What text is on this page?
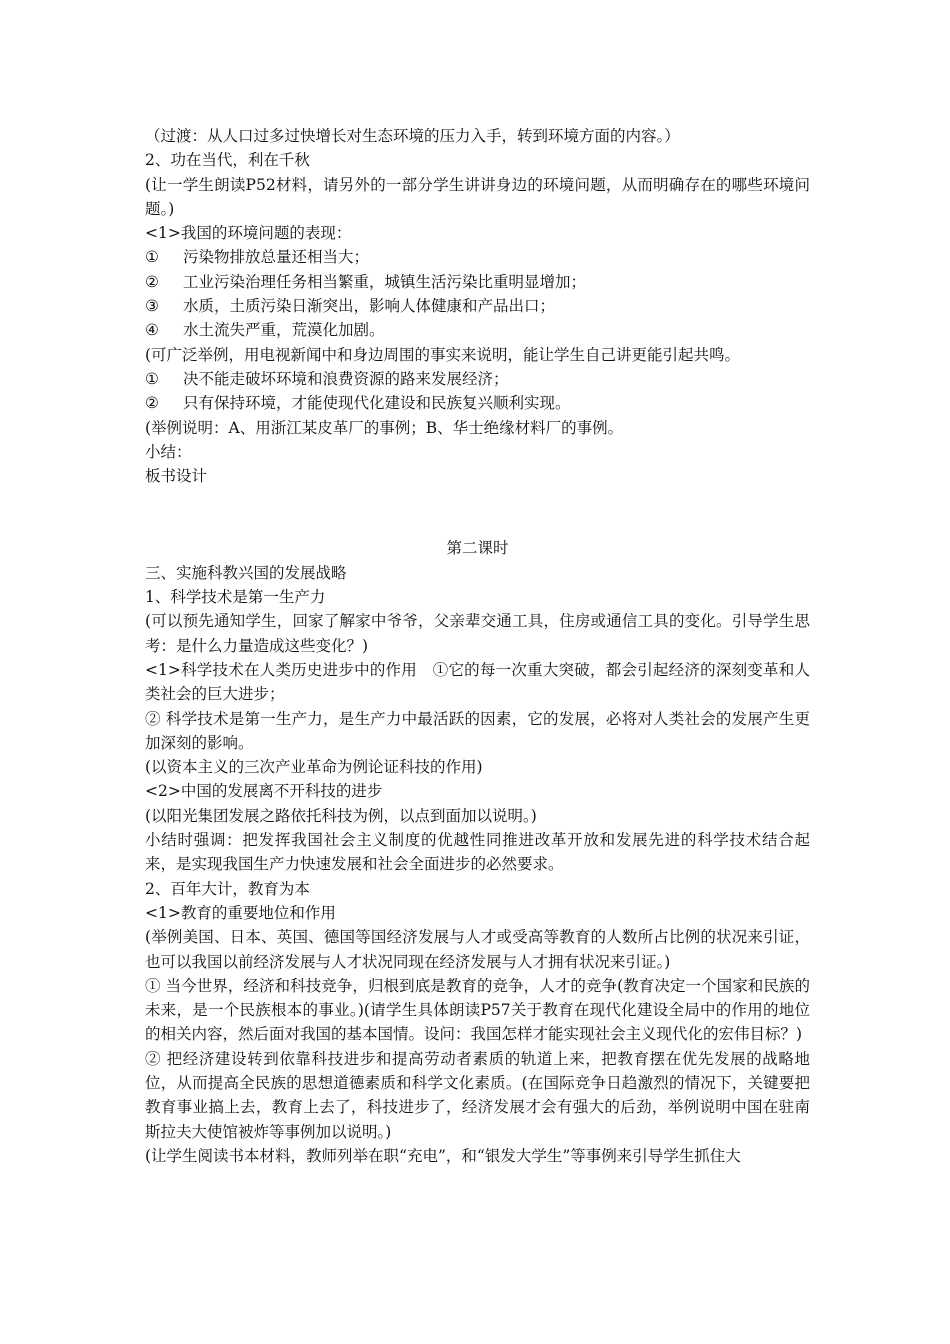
（过渡：从人口过多过快增长对生态环境的压力入手，转到环境方面的内容。）

2、功在当代，利在千秋

(让一学生朗读P52材料，请另外的一部分学生讲讲身边的环境问题，从而明确存在的哪些环境问题。)

<1>我国的环境问题的表现：

①	污染物排放总量还相当大；

②	工业污染治理任务相当繁重，城镇生活污染比重明显增加；

③	水质，土质污染日渐突出，影响人体健康和产品出口；

④	水土流失严重，荒漠化加剧。

(可广泛举例，用电视新闻中和身边周围的事实来说明，能让学生自己讲更能引起共鸣。

①	决不能走破坏环境和浪费资源的路来发展经济；

②	只有保持环境，才能使现代化建设和民族复兴顺利实现。

(举例说明：A、用浙江某皮革厂的事例；B、华士绝缘材料厂的事例。

小结：

板书设计

第二课时

三、实施科教兴国的发展战略

1、科学技术是第一生产力

(可以预先通知学生，回家了解家中爷爷，父亲辈交通工具，住房或通信工具的变化。引导学生思考：是什么力量造成这些变化？)

<1>科学技术在人类历史进步中的作用　①它的每一次重大突破，都会引起经济的深刻变革和人类社会的巨大进步；

② 科学技术是第一生产力，是生产力中最活跃的因素，它的发展，必将对人类社会的发展产生更加深刻的影响。

(以资本主义的三次产业革命为例论证科技的作用)

<2>中国的发展离不开科技的进步

(以阳光集团发展之路依托科技为例，以点到面加以说明。)

小结时强调：把发挥我国社会主义制度的优越性同推进改革开放和发展先进的科学技术结合起来，是实现我国生产力快速发展和社会全面进步的必然要求。

2、百年大计，教育为本

<1>教育的重要地位和作用

(举例美国、日本、英国、德国等国经济发展与人才或受高等教育的人数所占比例的状况来引证，也可以我国以前经济发展与人才状况同现在经济发展与人才拥有状况来引证。)

① 当今世界，经济和科技竞争，归根到底是教育的竞争，人才的竞争(教育决定一个国家和民族的未来，是一个民族根本的事业。)(请学生具体朗读P57关于教育在现代化建设全局中的作用的地位的相关内容，然后面对我国的基本国情。设问：我国怎样才能实现社会主义现代化的宏伟目标？)

② 把经济建设转到依靠科技进步和提高劳动者素质的轨道上来，把教育摆在优先发展的战略地位，从而提高全民族的思想道德素质和科学文化素质。(在国际竞争日趋激烈的情况下，关键要把教育事业搞上去，教育上去了，科技进步了，经济发展才会有强大的后劲，举例说明中国在驻南斯拉夫大使馆被炸等事例加以说明。)

(让学生阅读书本材料，教师列举在职“充电”，和“银发大学生”等事例来引导学生抓住大
